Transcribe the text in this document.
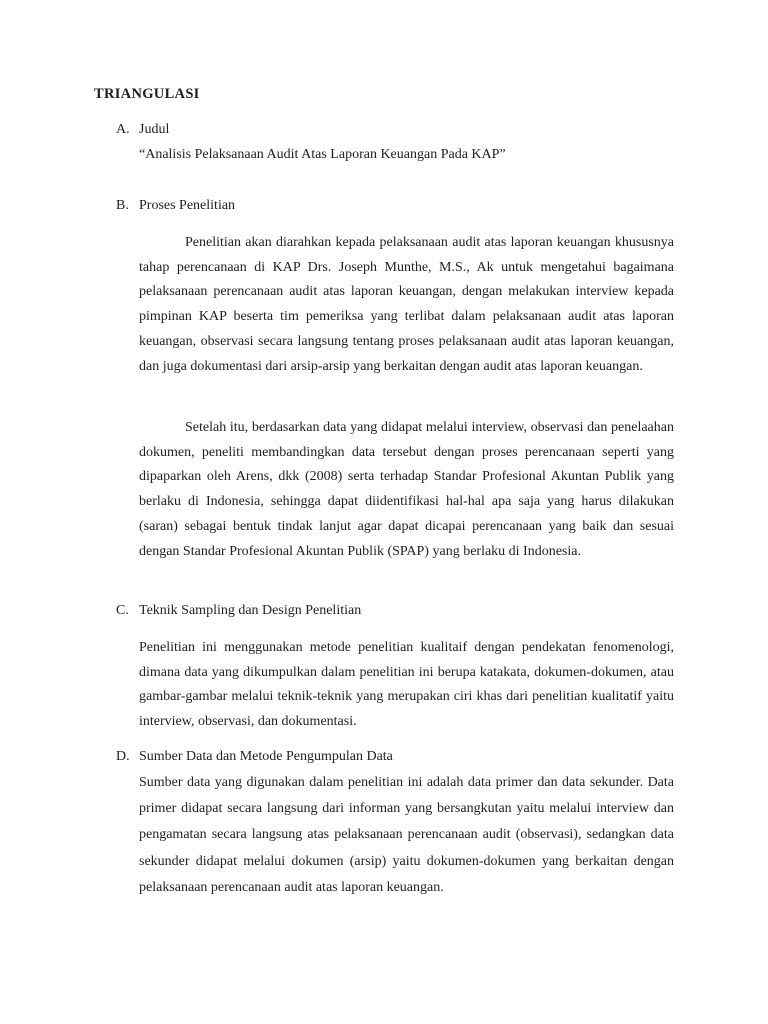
TRIANGULASI
A. Judul
“Analisis Pelaksanaan Audit Atas Laporan Keuangan Pada KAP”
B. Proses Penelitian

Penelitian akan diarahkan kepada pelaksanaan audit atas laporan keuangan khususnya tahap perencanaan di KAP Drs. Joseph Munthe, M.S., Ak untuk mengetahui bagaimana pelaksanaan perencanaan audit atas laporan keuangan, dengan melakukan interview kepada pimpinan KAP beserta tim pemeriksa yang terlibat dalam pelaksanaan audit atas laporan keuangan, observasi secara langsung tentang proses pelaksanaan audit atas laporan keuangan, dan juga dokumentasi dari arsip-arsip yang berkaitan dengan audit atas laporan keuangan.

Setelah itu, berdasarkan data yang didapat melalui interview, observasi dan penelaahan dokumen, peneliti membandingkan data tersebut dengan proses perencanaan seperti yang dipaparkan oleh Arens, dkk (2008) serta terhadap Standar Profesional Akuntan Publik yang berlaku di Indonesia, sehingga dapat diidentifikasi hal-hal apa saja yang harus dilakukan (saran) sebagai bentuk tindak lanjut agar dapat dicapai perencanaan yang baik dan sesuai dengan Standar Profesional Akuntan Publik (SPAP) yang berlaku di Indonesia.

C. Teknik Sampling dan Design Penelitian

Penelitian ini menggunakan metode penelitian kualitaif dengan pendekatan fenomenologi, dimana data yang dikumpulkan dalam penelitian ini berupa katakata, dokumen-dokumen, atau gambar-gambar melalui teknik-teknik yang merupakan ciri khas dari penelitian kualitatif yaitu interview, observasi, dan dokumentasi.

D. Sumber Data dan Metode Pengumpulan Data

Sumber data yang digunakan dalam penelitian ini adalah data primer dan data sekunder. Data primer didapat secara langsung dari informan yang bersangkutan yaitu melalui interview dan pengamatan secara langsung atas pelaksanaan perencanaan audit (observasi), sedangkan data sekunder didapat melalui dokumen (arsip) yaitu dokumen-dokumen yang berkaitan dengan pelaksanaan perencanaan audit atas laporan keuangan.
